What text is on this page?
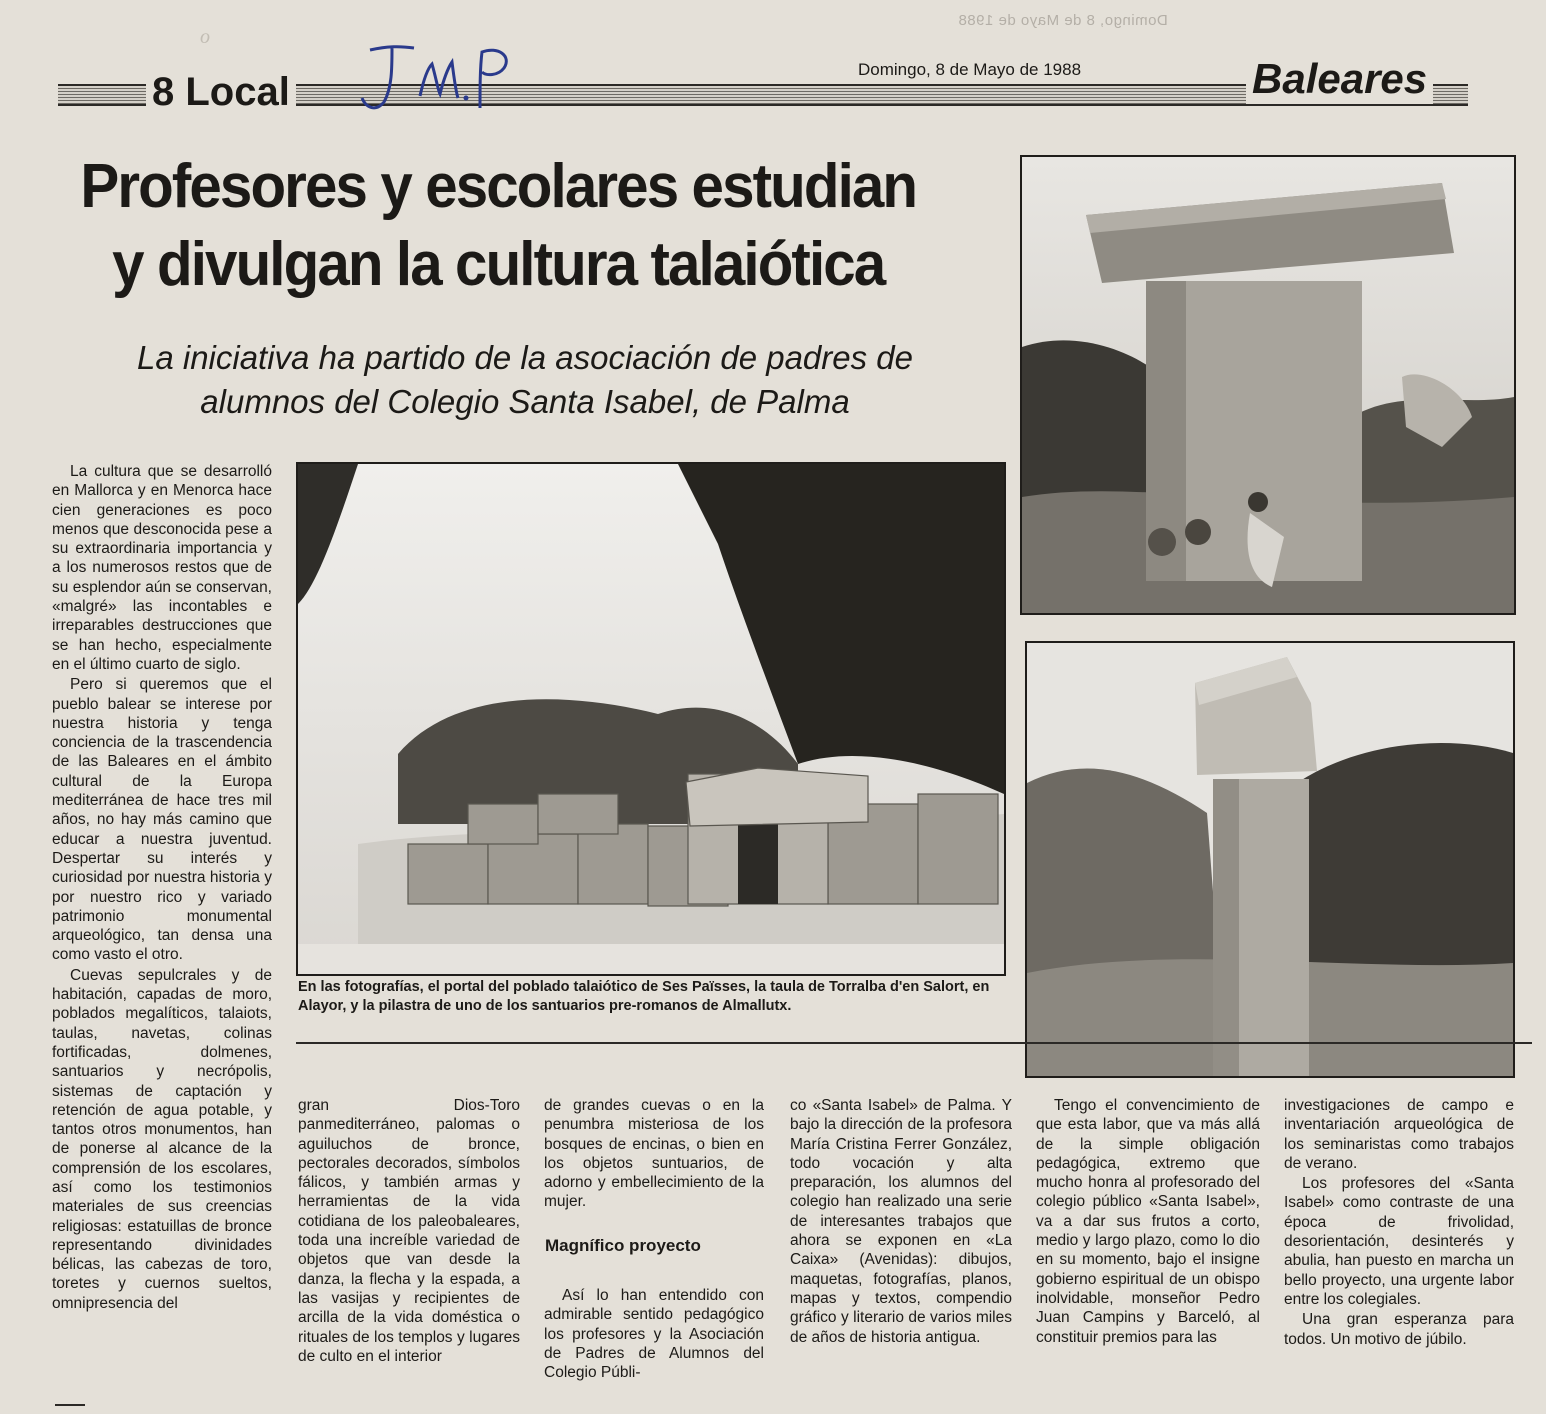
Domingo, 8 de Mayo de 1988
o
8 Local
Domingo, 8 de Mayo de 1988	Baleares
Profesores y escolares estudian
y divulgan la cultura talaiótica
La iniciativa ha partido de la asociación de padres de
alumnos del Colegio Santa Isabel, de Palma
En las fotografías, el portal del poblado talaiótico de Ses Païsses, la taula de Torralba d'en Salort, en Alayor, y la pilastra de uno de los santuarios pre-romanos de Almallutx.

La cultura que se desarrolló en Mallorca y en Menorca hace cien generaciones es poco menos que desconocida pese a su extraordinaria importancia y a los numerosos restos que de su esplendor aún se conservan, «malgré» las incontables e irreparables destrucciones que se han hecho, especialmente en el último cuarto de siglo.

Pero si queremos que el pueblo balear se interese por nuestra historia y tenga conciencia de la trascendencia de las Baleares en el ámbito cultural de la Europa mediterránea de hace tres mil años, no hay más camino que educar a nuestra juventud. Despertar su interés y curiosidad por nuestra historia y por nuestro rico y variado patrimonio monumental arqueológico, tan densa una como vasto el otro.

Cuevas sepulcrales y de habitación, capadas de moro, poblados megalíticos, talaiots, taulas, navetas, colinas fortificadas, dolmenes, santuarios y necrópolis, sistemas de captación y retención de agua potable, y tantos otros monumentos, han de ponerse al alcance de la comprensión de los escolares, así como los testimonios materiales de sus creencias religiosas: estatuillas de bronce representando divinidades bélicas, las cabezas de toro, toretes y cuernos sueltos, omnipresencia del

gran Dios-Toro panmediterráneo, palomas o aguiluchos de bronce, pectorales decorados, símbolos fálicos, y también armas y herramientas de la vida cotidiana de los paleobaleares, toda una increíble variedad de objetos que van desde la danza, la flecha y la espada, a las vasijas y recipientes de arcilla de la vida doméstica o rituales de los templos y lugares de culto en el interior

de grandes cuevas o en la penumbra misteriosa de los bosques de encinas, o bien en los objetos suntuarios, de adorno y embellecimiento de la mujer.

Magnífico proyecto

Así lo han entendido con admirable sentido pedagógico los profesores y la Asociación de Padres de Alumnos del Colegio Públi-

co «Santa Isabel» de Palma. Y bajo la dirección de la profesora María Cristina Ferrer González, todo vocación y alta preparación, los alumnos del colegio han realizado una serie de interesantes trabajos que ahora se exponen en «La Caixa» (Avenidas): dibujos, maquetas, fotografías, planos, mapas y textos, compendio gráfico y literario de varios miles de años de historia antigua.

Tengo el convencimiento de que esta labor, que va más allá de la simple obligación pedagógica, extremo que mucho honra al profesorado del colegio público «Santa Isabel», va a dar sus frutos a corto, medio y largo plazo, como lo dio en su momento, bajo el insigne gobierno espiritual de un obispo inolvidable, monseñor Pedro Juan Campins y Barceló, al constituir premios para las

investigaciones de campo e inventariación arqueológica de los seminaristas como trabajos de verano.

Los profesores del «Santa Isabel» como contraste de una época de frivolidad, desorientación, desinterés y abulia, han puesto en marcha un bello proyecto, una urgente labor entre los colegiales.

Una gran esperanza para todos. Un motivo de júbilo.
